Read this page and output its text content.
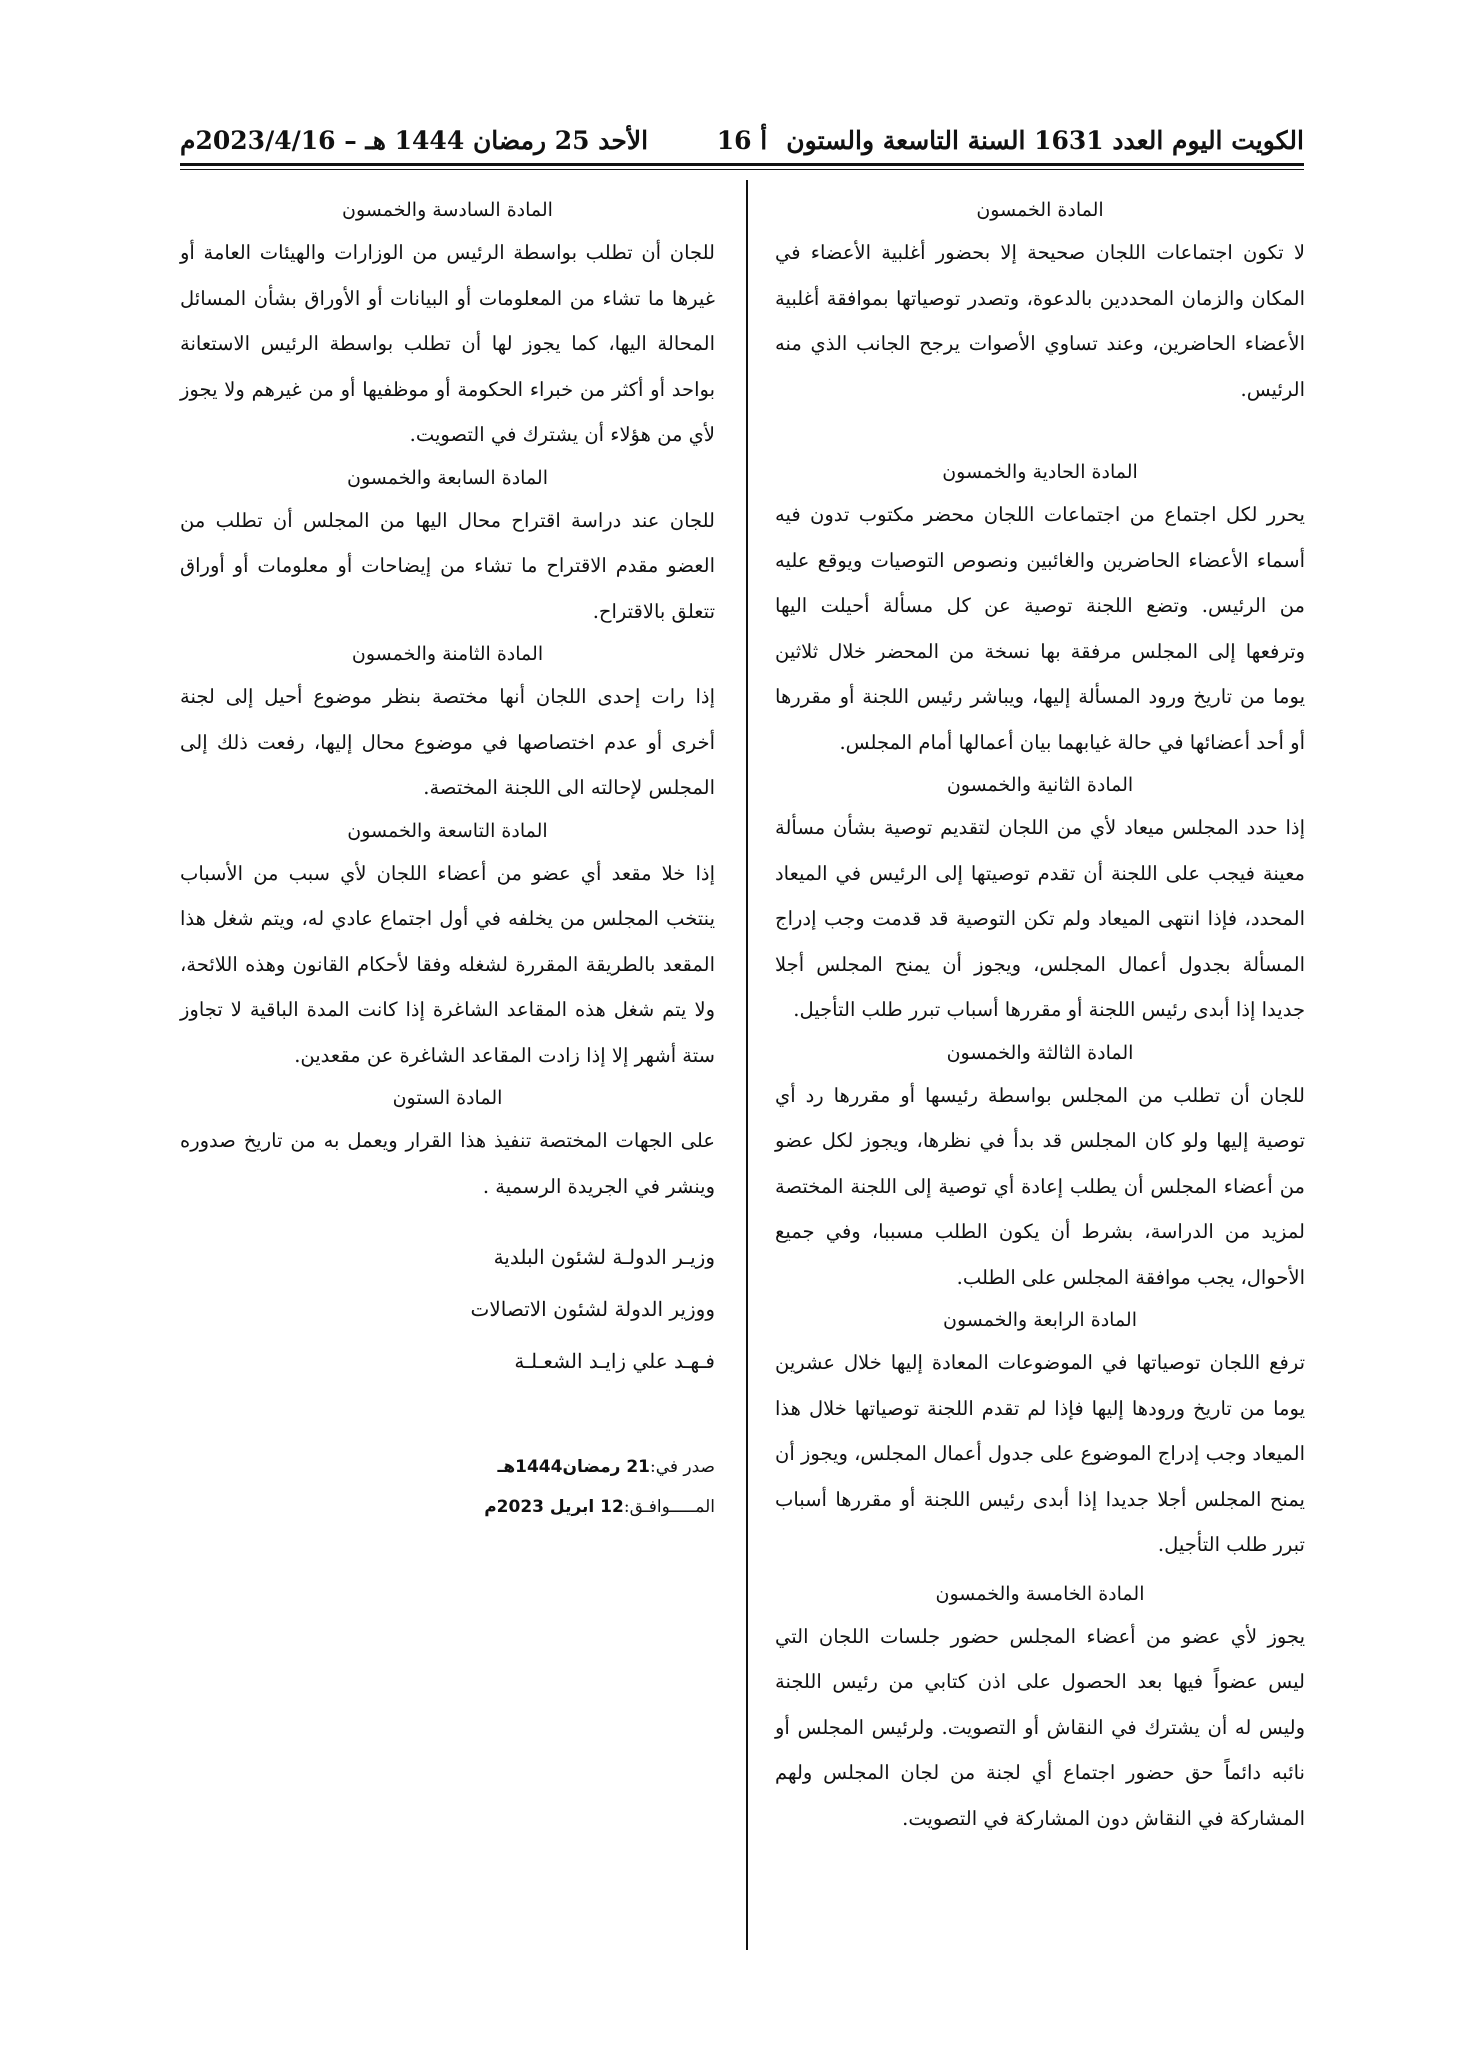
الكويت اليوم العدد 1631 السنة التاسعة والستون
أ 16
الأحد 25 رمضان 1444 هـ – 2023/4/16م

المادة الخمسون

لا تكون اجتماعات اللجان صحيحة إلا بحضور أغلبية الأعضاء في المكان والزمان المحددين بالدعوة، وتصدر توصياتها بموافقة أغلبية الأعضاء الحاضرين، وعند تساوي الأصوات يرجح الجانب الذي منه الرئيس.

المادة الحادية والخمسون

يحرر لكل اجتماع من اجتماعات اللجان محضر مكتوب تدون فيه أسماء الأعضاء الحاضرين والغائبين ونصوص التوصيات ويوقع عليه من الرئيس. وتضع اللجنة توصية عن كل مسألة أحيلت اليها وترفعها إلى المجلس مرفقة بها نسخة من المحضر خلال ثلاثين يوما من تاريخ ورود المسألة إليها، ويباشر رئيس اللجنة أو مقررها أو أحد أعضائها في حالة غيابهما بيان أعمالها أمام المجلس.

المادة الثانية والخمسون

إذا حدد المجلس ميعاد لأي من اللجان لتقديم توصية بشأن مسألة معينة فيجب على اللجنة أن تقدم توصيتها إلى الرئيس في الميعاد المحدد، فإذا انتهى الميعاد ولم تكن التوصية قد قدمت وجب إدراج المسألة بجدول أعمال المجلس، ويجوز أن يمنح المجلس أجلا جديدا إذا أبدى رئيس اللجنة أو مقررها أسباب تبرر طلب التأجيل.

المادة الثالثة والخمسون

للجان أن تطلب من المجلس بواسطة رئيسها أو مقررها رد أي توصية إليها ولو كان المجلس قد بدأ في نظرها، ويجوز لكل عضو من أعضاء المجلس أن يطلب إعادة أي توصية إلى اللجنة المختصة لمزيد من الدراسة، بشرط أن يكون الطلب مسببا، وفي جميع الأحوال، يجب موافقة المجلس على الطلب.

المادة الرابعة والخمسون

ترفع اللجان توصياتها في الموضوعات المعادة إليها خلال عشرين يوما من تاريخ ورودها إليها فإذا لم تقدم اللجنة توصياتها خلال هذا الميعاد وجب إدراج الموضوع على جدول أعمال المجلس، ويجوز أن يمنح المجلس أجلا جديدا إذا أبدى رئيس اللجنة أو مقررها أسباب تبرر طلب التأجيل.

المادة الخامسة والخمسون

يجوز لأي عضو من أعضاء المجلس حضور جلسات اللجان التي ليس عضواً فيها بعد الحصول على اذن كتابي من رئيس اللجنة وليس له أن يشترك في النقاش أو التصويت. ولرئيس المجلس أو نائبه دائماً حق حضور اجتماع أي لجنة من لجان المجلس ولهم المشاركة في النقاش دون المشاركة في التصويت.

المادة السادسة والخمسون

للجان أن تطلب بواسطة الرئيس من الوزارات والهيئات العامة أو غيرها ما تشاء من المعلومات أو البيانات أو الأوراق بشأن المسائل المحالة اليها، كما يجوز لها أن تطلب بواسطة الرئيس الاستعانة بواحد أو أكثر من خبراء الحكومة أو موظفيها أو من غيرهم ولا يجوز لأي من هؤلاء أن يشترك في التصويت.

المادة السابعة والخمسون

للجان عند دراسة اقتراح محال اليها من المجلس أن تطلب من العضو مقدم الاقتراح ما تشاء من إيضاحات أو معلومات أو أوراق تتعلق بالاقتراح.

المادة الثامنة والخمسون

إذا رات إحدى اللجان أنها مختصة بنظر موضوع أحيل إلى لجنة أخرى أو عدم اختصاصها في موضوع محال إليها، رفعت ذلك إلى المجلس لإحالته الى اللجنة المختصة.

المادة التاسعة والخمسون

إذا خلا مقعد أي عضو من أعضاء اللجان لأي سبب من الأسباب ينتخب المجلس من يخلفه في أول اجتماع عادي له، ويتم شغل هذا المقعد بالطريقة المقررة لشغله وفقا لأحكام القانون وهذه اللائحة، ولا يتم شغل هذه المقاعد الشاغرة إذا كانت المدة الباقية لا تجاوز ستة أشهر إلا إذا زادت المقاعد الشاغرة عن مقعدين.

المادة الستون

على الجهات المختصة تنفيذ هذا القرار ويعمل به من تاريخ صدوره وينشر في الجريدة الرسمية .

وزيـر الدولـة لشئون البلدية

ووزير الدولة لشئون الاتصالات

فـهـد علي زايـد الشعـلـة

صدر في:21 رمضان1444هـ

المـــــوافـق:12 ابريل 2023م
